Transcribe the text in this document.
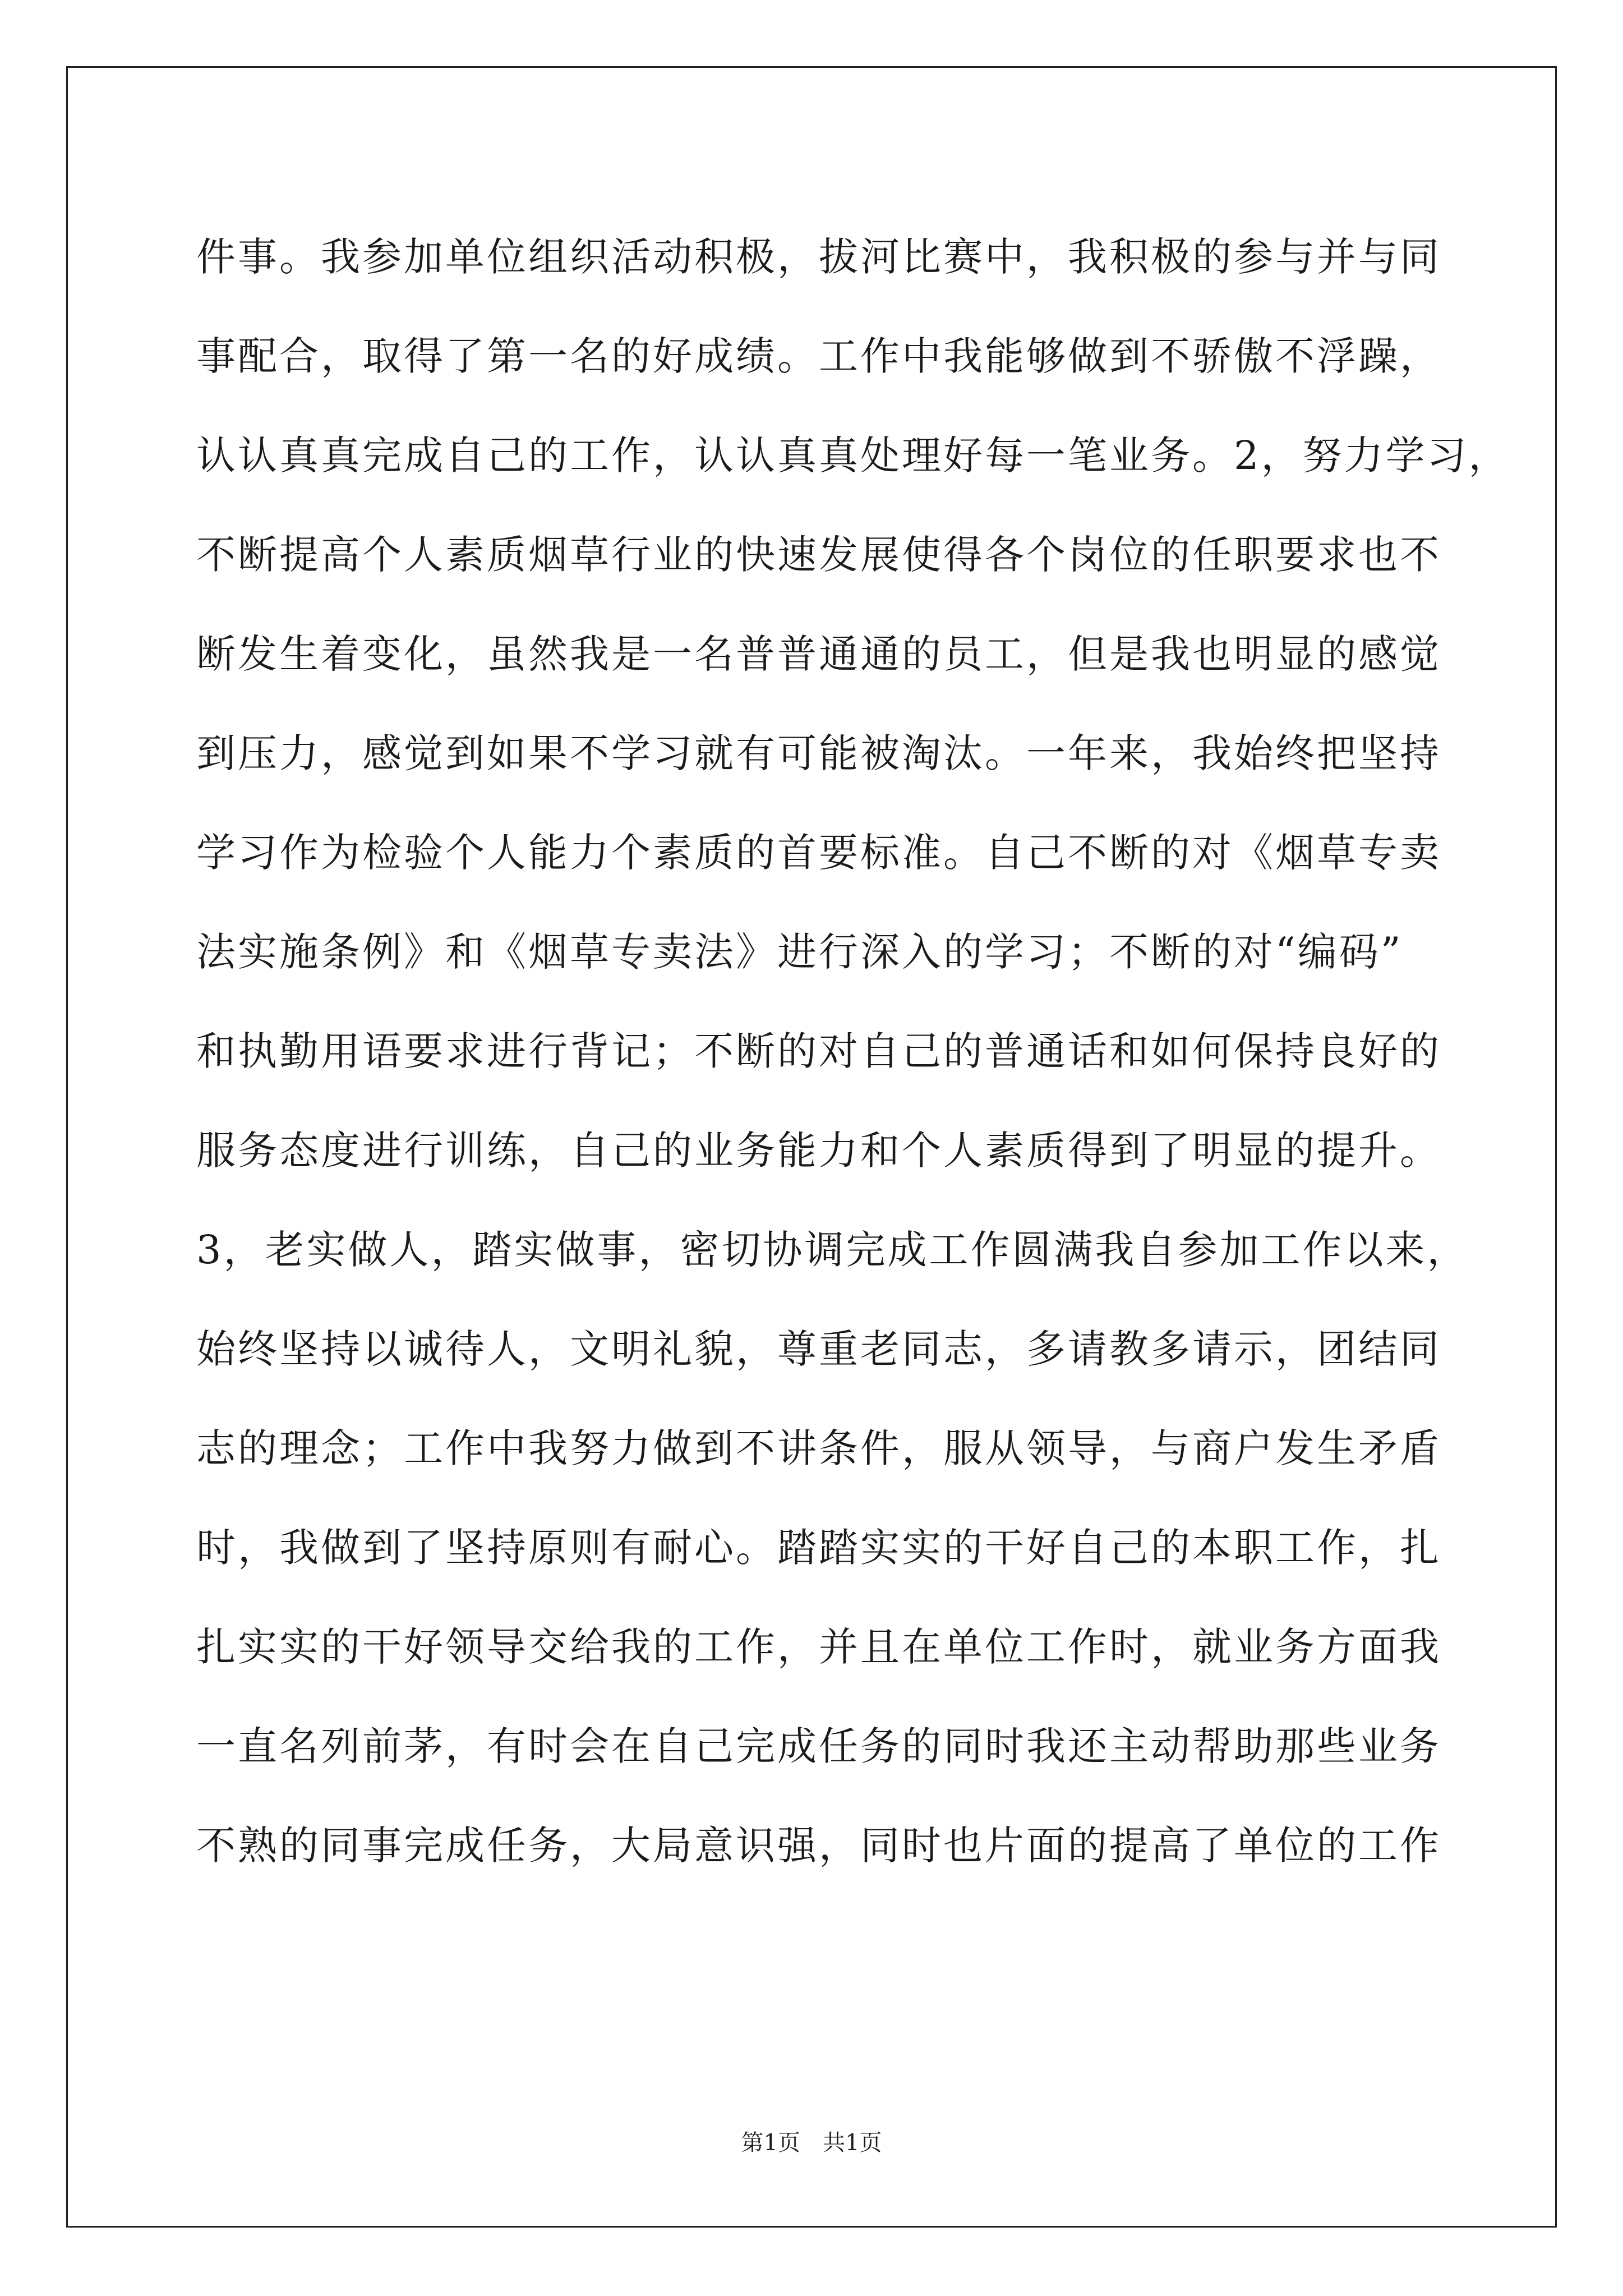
件事。我参加单位组织活动积极，拔河比赛中，我积极的参与并与同
事配合，取得了第一名的好成绩。工作中我能够做到不骄傲不浮躁，
认认真真完成自己的工作，认认真真处理好每一笔业务。2，努力学习，
不断提高个人素质烟草行业的快速发展使得各个岗位的任职要求也不
断发生着变化，虽然我是一名普普通通的员工，但是我也明显的感觉
到压力，感觉到如果不学习就有可能被淘汰。一年来，我始终把坚持
学习作为检验个人能力个素质的首要标准。自己不断的对《烟草专卖
法实施条例》和《烟草专卖法》进行深入的学习；不断的对“编码”
和执勤用语要求进行背记；不断的对自己的普通话和如何保持良好的
服务态度进行训练，自己的业务能力和个人素质得到了明显的提升。
3，老实做人，踏实做事，密切协调完成工作圆满我自参加工作以来，
始终坚持以诚待人，文明礼貌，尊重老同志，多请教多请示，团结同
志的理念；工作中我努力做到不讲条件，服从领导，与商户发生矛盾
时，我做到了坚持原则有耐心。踏踏实实的干好自己的本职工作，扎
扎实实的干好领导交给我的工作，并且在单位工作时，就业务方面我
一直名列前茅，有时会在自己完成任务的同时我还主动帮助那些业务
不熟的同事完成任务，大局意识强，同时也片面的提高了单位的工作
第1页　共1页
